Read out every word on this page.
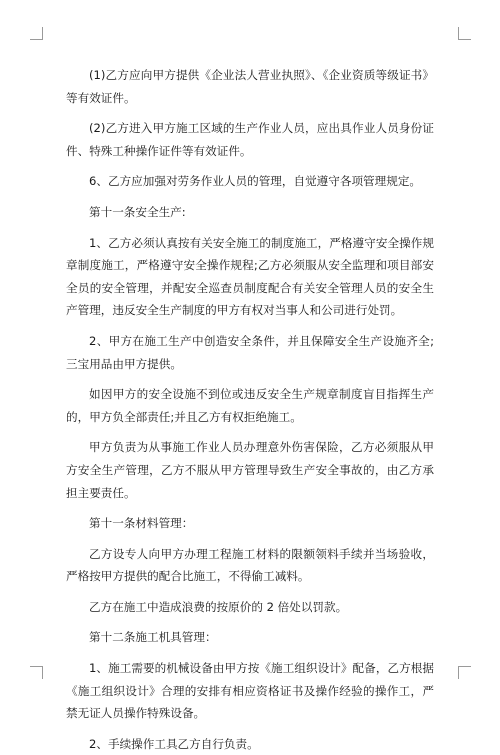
(1)乙方应向甲方提供《企业法人营业执照》、《企业资质等级证书》等有效证件。

(2)乙方进入甲方施工区域的生产作业人员，应出具作业人员身份证件、特殊工种操作证件等有效证件。

6、乙方应加强对劳务作业人员的管理，自觉遵守各项管理规定。

第十一条安全生产:

1、乙方必须认真按有关安全施工的制度施工，严格遵守安全操作规章制度施工，严格遵守安全操作规程;乙方必须服从安全监理和项目部安全员的安全管理，并配安全巡查员制度配合有关安全管理人员的安全生产管理，违反安全生产制度的甲方有权对当事人和公司进行处罚。

2、甲方在施工生产中创造安全条件，并且保障安全生产设施齐全;三宝用品由甲方提供。

如因甲方的安全设施不到位或违反安全生产规章制度盲目指挥生产的，甲方负全部责任;并且乙方有权拒绝施工。

甲方负责为从事施工作业人员办理意外伤害保险，乙方必须服从甲方安全生产管理，乙方不服从甲方管理导致生产安全事故的，由乙方承担主要责任。

第十一条材料管理：

乙方设专人向甲方办理工程施工材料的限额领料手续并当场验收，严格按甲方提供的配合比施工，不得偷工减料。

乙方在施工中造成浪费的按原价的 2 倍处以罚款。

第十二条施工机具管理：

1、施工需要的机械设备由甲方按《施工组织设计》配备，乙方根据《施工组织设计》合理的安排有相应资格证书及操作经验的操作工，严禁无证人员操作特殊设备。

2、手续操作工具乙方自行负责。
